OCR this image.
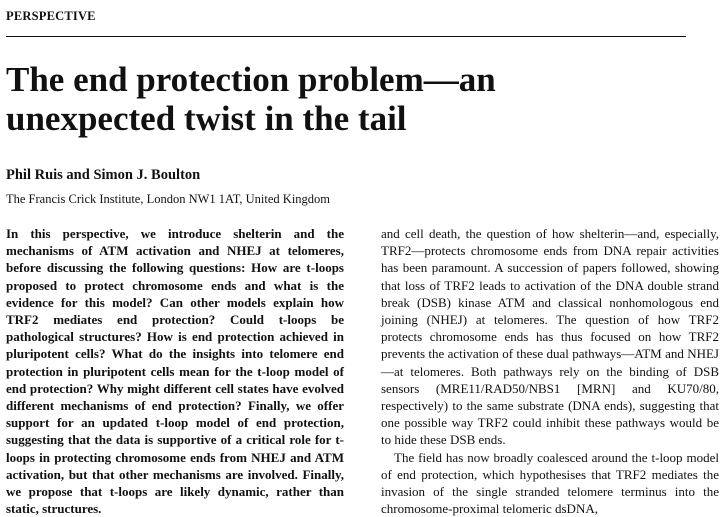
PERSPECTIVE
The end protection problem—an
unexpected twist in the tail

Phil Ruis and Simon J. Boulton

The Francis Crick Institute, London NW1 1AT, United Kingdom

In this perspective, we introduce shelterin and the mechanisms of ATM activation and NHEJ at telomeres, before discussing the following questions: How are t-loops proposed to protect chromosome ends and what is the evidence for this model? Can other models explain how TRF2 mediates end protection? Could t-loops be pathological structures? How is end protection achieved in pluripotent cells? What do the insights into telomere end protection in pluripotent cells mean for the t-loop model of end protection? Why might different cell states have evolved different mechanisms of end protection? Finally, we offer support for an updated t-loop model of end protection, suggesting that the data is supportive of a critical role for t-loops in protecting chromosome ends from NHEJ and ATM activation, but that other mechanisms are involved. Finally, we propose that t-loops are likely dynamic, rather than static, structures.

and cell death, the question of how shelterin—and, especially, TRF2—protects chromosome ends from DNA repair activities has been paramount. A succession of papers followed, showing that loss of TRF2 leads to activation of the DNA double strand break (DSB) kinase ATM and classical nonhomologous end joining (NHEJ) at telomeres. The question of how TRF2 protects chromosome ends has thus focused on how TRF2 prevents the activation of these dual pathways—ATM and NHEJ—at telomeres. Both pathways rely on the binding of DSB sensors (MRE11/RAD50/NBS1 [MRN] and KU70/80, respectively) to the same substrate (DNA ends), suggesting that one possible way TRF2 could inhibit these pathways would be to hide these DSB ends.

The field has now broadly coalesced around the t-loop model of end protection, which hypothesises that TRF2 mediates the invasion of the single stranded telomere terminus into the chromosome-proximal telomeric dsDNA,
